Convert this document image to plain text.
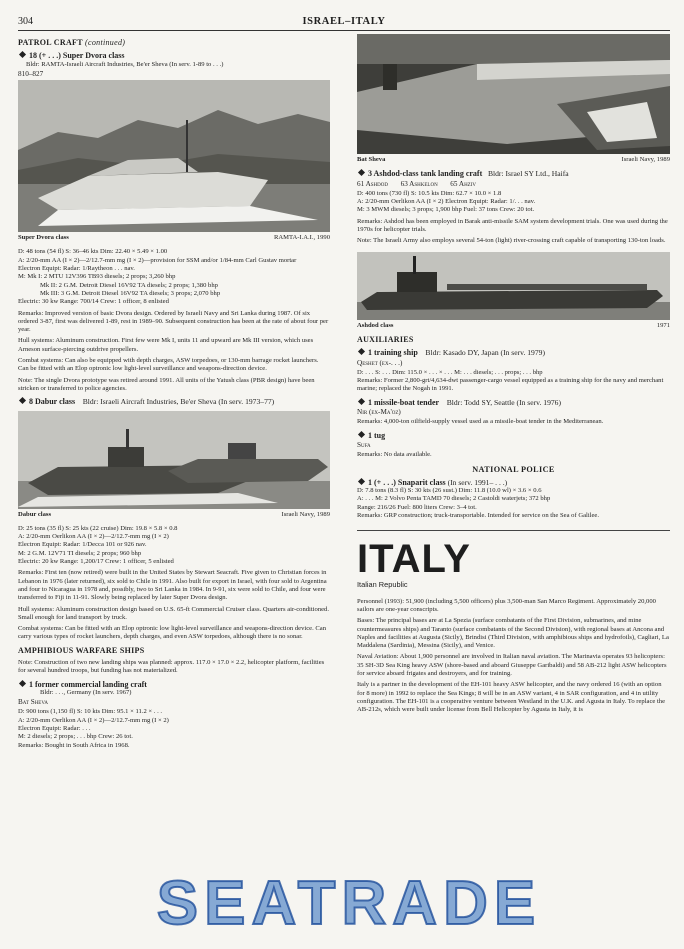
304	ISRAEL–ITALY
PATROL CRAFT (continued)
18 (+ . . .) Super Dvora class
Bldr: RAMTA-Israeli Aircraft Industries, Be'er Sheva (In serv. 1-89 to . . .)
810–827
Super Dvora class	RAMTA-I.A.I., 1990

D: 48 tons (54 fl) S: 36–46 kts Dim: 22.40 × 5.49 × 1.00

A: 2/20-mm AA (I × 2)—2/12.7-mm mg (I × 2)—provision for SSM and/or 1/84-mm Carl Gustav mortar

Electron Equipt: Radar: 1/Raytheon . . . nav.

M: Mk I: 2 MTU 12V396 TB93 diesels; 2 props; 3,260 bhp

Mk II: 2 G.M. Detroit Diesel 16V92 TA diesels; 2 props; 1,380 bhp

Mk III: 3 G.M. Detroit Diesel 16V92 TA diesels; 3 props; 2,070 bhp

Electric: 30 kw Range: 700/14 Crew: 1 officer, 8 enlisted

Remarks: Improved version of basic Dvora design. Ordered by Israeli Navy and Sri Lanka during 1987. Of six ordered 3-87, first was delivered 1-89, rest in 1989–90. Subsequent construction has been at the rate of about four per year.

Hull systems: Aluminum construction. First few were Mk I, units 11 and upward are Mk III version, which uses Arneson surface-piercing outdrive propellers.

Combat systems: Can also be equipped with depth charges, ASW torpedoes, or 130-mm barrage rocket launchers. Can be fitted with an Elop optronic low light-level surveillance and weapons-direction device.

Note: The single Dvora prototype was retired around 1991. All units of the Yatush class (PBR design) have been stricken or transferred to police agencies.

8 Dabur class Bldr: Israeli Aircraft Industries, Be'er Sheva (In serv. 1973–77)
Dabur class	Israeli Navy, 1989

D: 25 tons (35 fl) S: 25 kts (22 cruise) Dim: 19.8 × 5.8 × 0.8

A: 2/20-mm Oerlikon AA (I × 2)—2/12.7-mm mg (I × 2)

Electron Equipt: Radar: 1/Decca 101 or 926 nav.

M: 2 G.M. 12V71 TI diesels; 2 props; 960 bhp

Electric: 20 kw Range: 1,200/17 Crew: 1 officer, 5 enlisted

Remarks: First ten (now retired) were built in the United States by Stewart Seacraft. Five given to Christian forces in Lebanon in 1976 (later returned), six sold to Chile in 1991. Also built for export in Israel, with four sold to Argentina and four to Nicaragua in 1978 and, possibly, two to Sri Lanka in 1984. In 9-91, six were sold to Chile, and four were transferred to Fiji in 11-91. Slowly being replaced by later Super Dvora design.

Hull systems: Aluminum construction design based on U.S. 65-ft Commercial Cruiser class. Quarters air-conditioned. Small enough for land transport by truck.

Combat systems: Can be fitted with an Elop optronic low light-level surveillance and weapons-direction device. Can carry various types of rocket launchers, depth charges, and even ASW torpedoes, although there is no sonar.

AMPHIBIOUS WARFARE SHIPS

Note: Construction of two new landing ships was planned: approx. 117.0 × 17.0 × 2.2, helicopter platform, facilities for several hundred troops, but funding has not materialized.

1 former commercial landing craft
Bldr: . . ., Germany (In serv. 1967)
Bat Sheva

D: 900 tons (1,150 fl) S: 10 kts Dim: 95.1 × 11.2 × . . .

A: 2/20-mm Oerlikon AA (I × 2)—2/12.7-mm mg (I × 2)

Electron Equipt: Radar: . . .

M: 2 diesels; 2 props; . . . bhp Crew: 26 tot.

Remarks: Bought in South Africa in 1968.

Bat Sheva	Israeli Navy, 1989
3 Ashdod-class tank landing craft Bldr: Israel SY Ltd., Haifa
61 Ashdod 63 Ashkelon 65 Ahziv

D: 400 tons (730 fl) S: 10.5 kts Dim: 62.7 × 10.0 × 1.8

A: 2/20-mm Oerlikon AA (I × 2) Electron Equipt: Radar: 1/. . . nav.

M: 3 MWM diesels; 3 props; 1,900 bhp Fuel: 37 tons Crew: 20 tot.

Remarks: Ashdod has been employed in Barak anti-missile SAM system development trials. One was used during the 1970s for helicopter trials.

Note: The Israeli Army also employs several 54-ton (light) river-crossing craft capable of transporting 130-ton loads.

Ashdod class	1971
AUXILIARIES
1 training ship Bldr: Kasado DY, Japan (In serv. 1979)
Qeshet (ex-. . .)

D: . . . S: . . . Dim: 115.0 × . . . × . . . M: . . . diesels; . . . props; . . . bhp

Remarks: Former 2,800-grt/4,634-dwt passenger-cargo vessel equipped as a training ship for the navy and merchant marine; replaced the Nogah in 1991.

1 missile-boat tender Bldr: Todd SY, Seattle (In serv. 1976)
Nir (ex-Ma'oz)

Remarks: 4,000-ton oilfield-supply vessel used as a missile-boat tender in the Mediterranean.

1 tug
Sufa

Remarks: No data available.

NATIONAL POLICE
1 (+ . . .) Snaparit class (In serv. 1991– . . .)

D: 7.8 tons (8.3 fl) S: 30 kts (26 sust.) Dim: 11.8 (10.0 wl) × 3.6 × 0.6

A: . . . M: 2 Volvo Penta TAMD 70 diesels; 2 Castoldi waterjets; 372 bhp

Range: 216/26 Fuel: 800 liters Crew: 3–4 tot.

Remarks: GRP construction; truck-transportable. Intended for service on the Sea of Galilee.

ITALY
Italian Republic

Personnel (1993): 51,900 (including 5,500 officers) plus 3,500-man San Marco Regiment. Approximately 20,000 sailors are one-year conscripts.

Bases: The principal bases are at La Spezia (surface combatants of the First Division, submarines, and mine countermeasures ships) and Taranto (surface combatants of the Second Division), with regional bases at Ancona and Naples and facilities at Augusta (Sicily), Brindisi (Third Division, with amphibious ships and hydrofoils), Cagliari, La Maddalena (Sardinia), Messina (Sicily), and Venice.

Naval Aviation: About 1,900 personnel are involved in Italian naval aviation. The Marinavia operates 93 helicopters: 35 SH-3D Sea King heavy ASW (shore-based and aboard Giuseppe Garibaldi) and 58 AB-212 light ASW helicopters for service aboard frigates and destroyers, and for training.

Italy is a partner in the development of the EH-101 heavy ASW helicopter, and the navy ordered 16 (with an option for 8 more) in 1992 to replace the Sea Kings; 8 will be in an ASW variant, 4 in SAR configuration, and 4 in utility configuration. The EH-101 is a cooperative venture between Westland in the U.K. and Agusta in Italy. To replace the AB-212s, which were built under license from Bell Helicopter by Agusta in Italy, it is

SEATRADE
